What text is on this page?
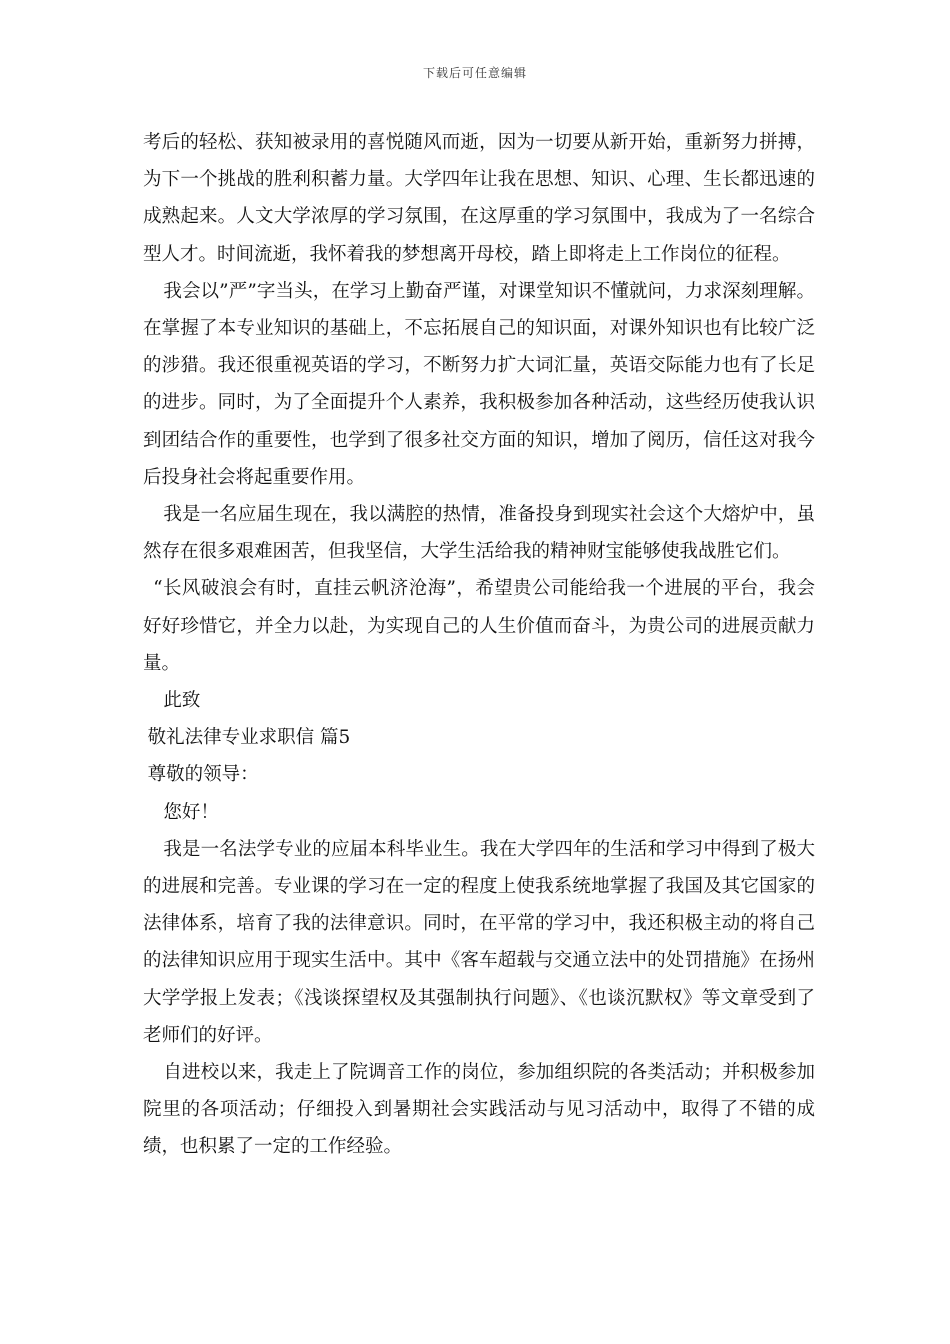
下载后可任意编辑

考后的轻松、获知被录用的喜悦随风而逝，因为一切要从新开始，重新努力拼搏，为下一个挑战的胜利积蓄力量。大学四年让我在思想、知识、心理、生长都迅速的成熟起来。人文大学浓厚的学习氛围，在这厚重的学习氛围中，我成为了一名综合型人才。时间流逝，我怀着我的梦想离开母校，踏上即将走上工作岗位的征程。

我会以”严”字当头，在学习上勤奋严谨，对课堂知识不懂就问，力求深刻理解。在掌握了本专业知识的基础上，不忘拓展自己的知识面，对课外知识也有比较广泛的涉猎。我还很重视英语的学习，不断努力扩大词汇量，英语交际能力也有了长足的进步。同时，为了全面提升个人素养，我积极参加各种活动，这些经历使我认识到团结合作的重要性，也学到了很多社交方面的知识，增加了阅历，信任这对我今后投身社会将起重要作用。

我是一名应届生现在，我以满腔的热情，准备投身到现实社会这个大熔炉中，虽然存在很多艰难困苦，但我坚信，大学生活给我的精神财宝能够使我战胜它们。

“长风破浪会有时，直挂云帆济沧海”，希望贵公司能给我一个进展的平台，我会好好珍惜它，并全力以赴，为实现自己的人生价值而奋斗，为贵公司的进展贡献力量。

此致

敬礼法律专业求职信 篇5

尊敬的领导：

您好！

我是一名法学专业的应届本科毕业生。我在大学四年的生活和学习中得到了极大的进展和完善。专业课的学习在一定的程度上使我系统地掌握了我国及其它国家的法律体系，培育了我的法律意识。同时，在平常的学习中，我还积极主动的将自己的法律知识应用于现实生活中。其中《客车超载与交通立法中的处罚措施》在扬州大学学报上发表；《浅谈探望权及其强制执行问题》、《也谈沉默权》等文章受到了老师们的好评。

自进校以来，我走上了院调音工作的岗位，参加组织院的各类活动；并积极参加院里的各项活动；仔细投入到暑期社会实践活动与见习活动中，取得了不错的成绩，也积累了一定的工作经验。
